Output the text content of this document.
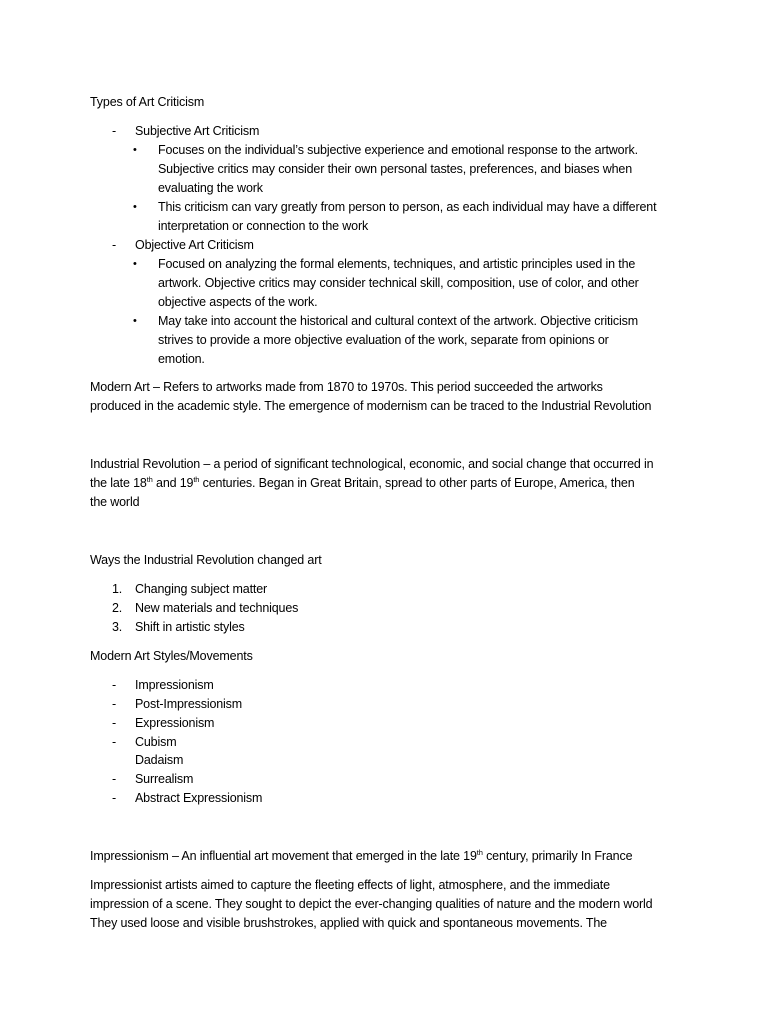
Types of Art Criticism
- Subjective Art Criticism
• Focuses on the individual’s subjective experience and emotional response to the artwork.
Subjective critics may consider their own personal tastes, preferences, and biases when
evaluating the work
• This criticism can vary greatly from person to person, as each individual may have a different
interpretation or connection to the work
- Objective Art Criticism
• Focused on analyzing the formal elements, techniques, and artistic principles used in the
artwork. Objective critics may consider technical skill, composition, use of color, and other
objective aspects of the work.
• May take into account the historical and cultural context of the artwork. Objective criticism
strives to provide a more objective evaluation of the work, separate from opinions or
emotion.
Modern Art – Refers to artworks made from 1870 to 1970s. This period succeeded the artworks
produced in the academic style. The emergence of modernism can be traced to the Industrial Revolution
Industrial Revolution – a period of significant technological, economic, and social change that occurred in
the late 18th and 19th centuries. Began in Great Britain, spread to other parts of Europe, America, then
the world
Ways the Industrial Revolution changed art
1. Changing subject matter
2. New materials and techniques
3. Shift in artistic styles
Modern Art Styles/Movements
- Impressionism
- Post-Impressionism
- Expressionism
- Cubism
Dadaism
- Surrealism
- Abstract Expressionism
Impressionism – An influential art movement that emerged in the late 19th century, primarily In France
Impressionist artists aimed to capture the fleeting effects of light, atmosphere, and the immediate
impression of a scene. They sought to depict the ever-changing qualities of nature and the modern world
They used loose and visible brushstrokes, applied with quick and spontaneous movements. The
